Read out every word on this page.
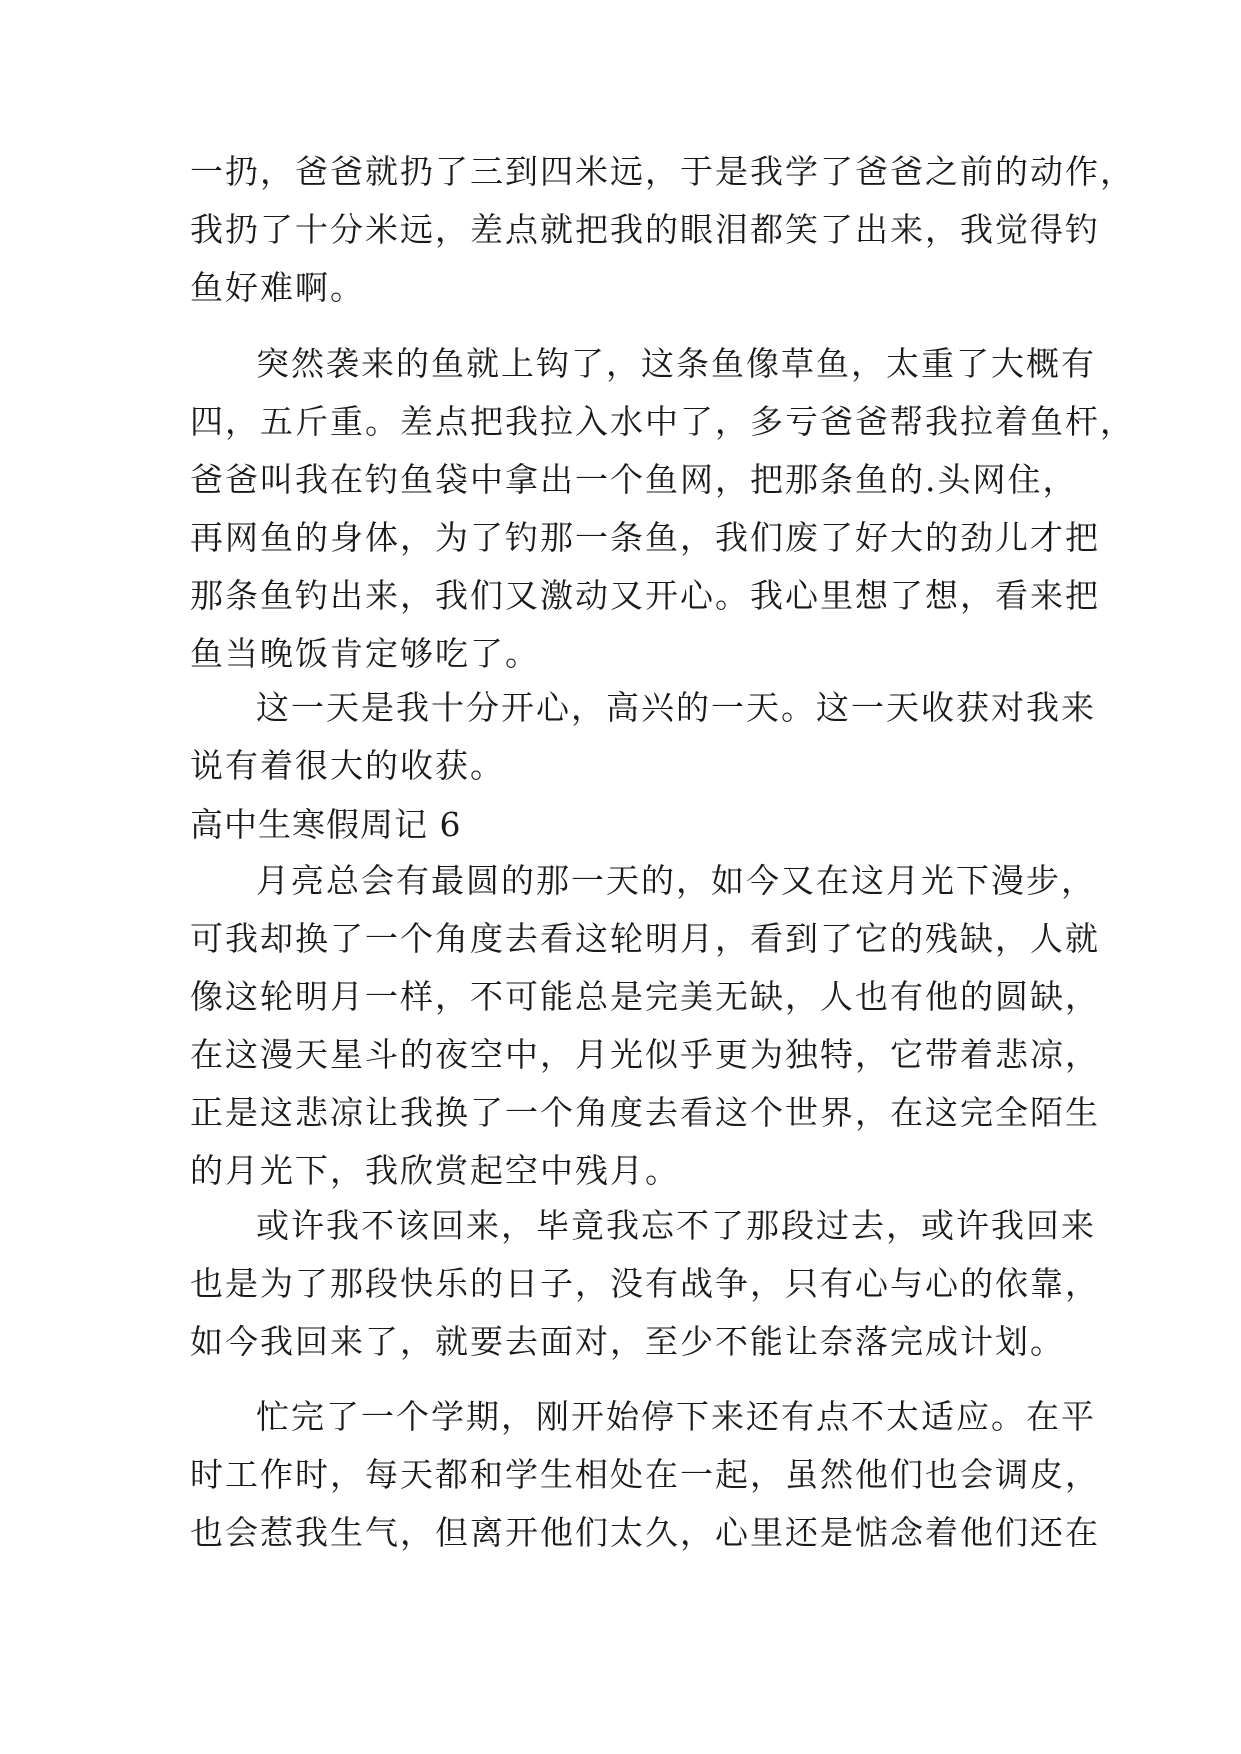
一扔，爸爸就扔了三到四米远，于是我学了爸爸之前的动作，
我扔了十分米远，差点就把我的眼泪都笑了出来，我觉得钓
鱼好难啊。
突然袭来的鱼就上钩了，这条鱼像草鱼，太重了大概有
四，五斤重。差点把我拉入水中了，多亏爸爸帮我拉着鱼杆，
爸爸叫我在钓鱼袋中拿出一个鱼网，把那条鱼的.头网住，
再网鱼的身体，为了钓那一条鱼，我们废了好大的劲儿才把
那条鱼钓出来，我们又激动又开心。我心里想了想，看来把
鱼当晚饭肯定够吃了。
这一天是我十分开心，高兴的一天。这一天收获对我来
说有着很大的收获。
高中生寒假周记 6
月亮总会有最圆的那一天的，如今又在这月光下漫步，
可我却换了一个角度去看这轮明月，看到了它的残缺，人就
像这轮明月一样，不可能总是完美无缺，人也有他的圆缺，
在这漫天星斗的夜空中，月光似乎更为独特，它带着悲凉，
正是这悲凉让我换了一个角度去看这个世界，在这完全陌生
的月光下，我欣赏起空中残月。
或许我不该回来，毕竟我忘不了那段过去，或许我回来
也是为了那段快乐的日子，没有战争，只有心与心的依靠，
如今我回来了，就要去面对，至少不能让奈落完成计划。
忙完了一个学期，刚开始停下来还有点不太适应。在平
时工作时，每天都和学生相处在一起，虽然他们也会调皮，
也会惹我生气，但离开他们太久，心里还是惦念着他们还在
